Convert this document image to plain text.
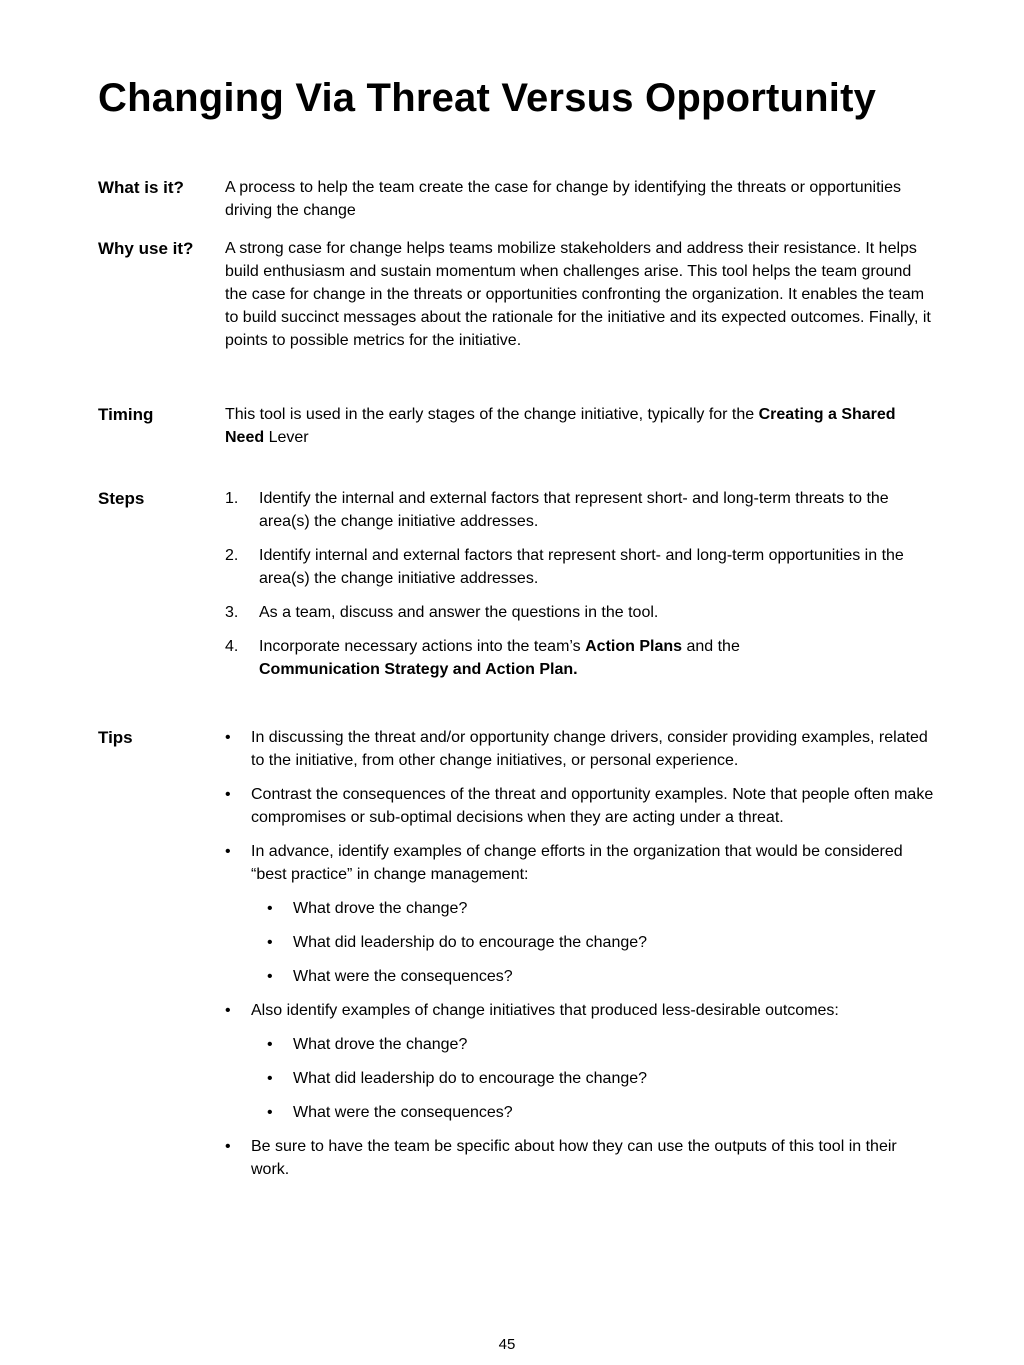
Changing Via Threat Versus Opportunity
What is it?	A process to help the team create the case for change by identifying the threats or opportunities driving the change

Why use it? A strong case for change helps teams mobilize stakeholders and address their resistance. It helps build enthusiasm and sustain momentum when challenges arise. This tool helps the team ground the case for change in the threats or opportunities confronting the organization. It enables the team to build succinct messages about the rationale for the initiative and its expected outcomes. Finally, it points to possible metrics for the initiative.

Timing	This tool is used in the early stages of the change initiative, typically for the Creating a Shared Need Lever

Steps	1. Identify the internal and external factors that represent short- and long-term threats to the area(s) the change initiative addresses.
2. Identify internal and external factors that represent short- and long-term opportunities in the area(s) the change initiative addresses.
3. As a team, discuss and answer the questions in the tool.
4. Incorporate necessary actions into the team’s Action Plans and the
Communication Strategy and Action Plan.
Tips	• In discussing the threat and/or opportunity change drivers, consider providing examples, related to the initiative, from other change initiatives, or personal experience.
• Contrast the consequences of the threat and opportunity examples. Note that people often make compromises or sub-optimal decisions when they are acting under a threat.
• In advance, identify examples of change efforts in the organization that would be considered “best practice” in change management:
• What drove the change?
• What did leadership do to encourage the change?
• What were the consequences?
• Also identify examples of change initiatives that produced less-desirable outcomes:
• What drove the change?
• What did leadership do to encourage the change?
• What were the consequences?
• Be sure to have the team be specific about how they can use the outputs of this tool in their work.
45
